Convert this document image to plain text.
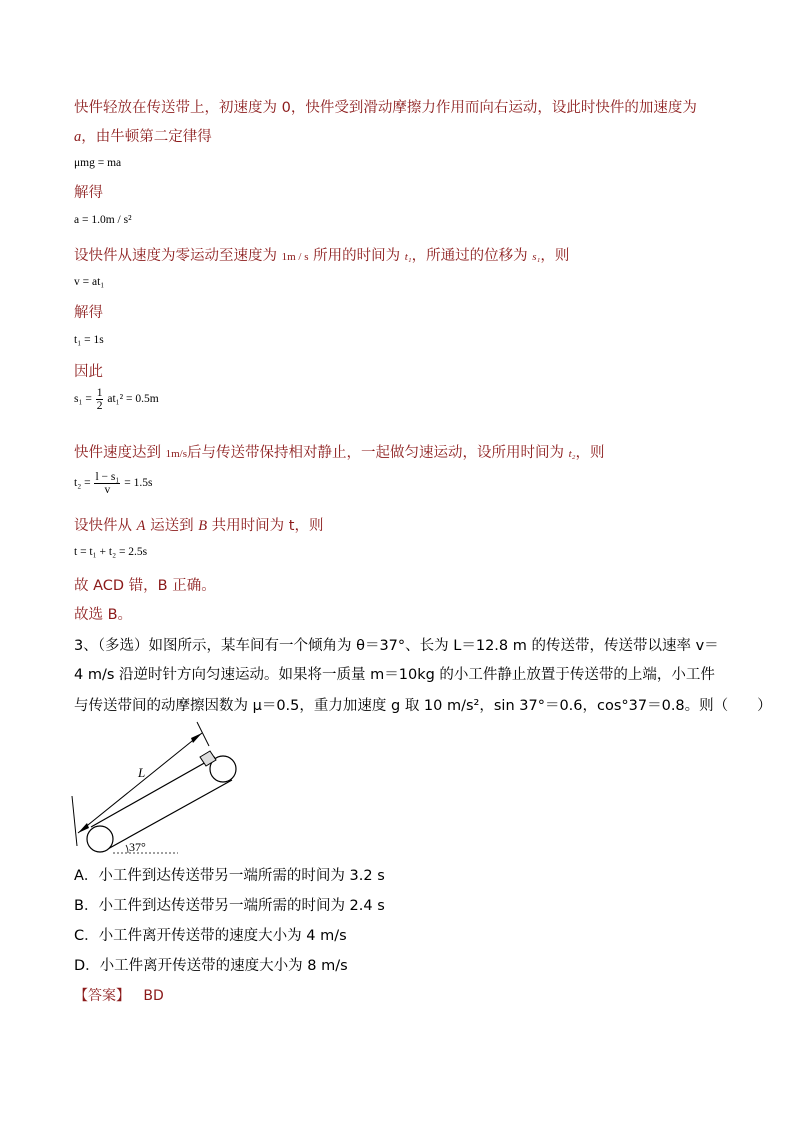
快件轻放在传送带上，初速度为 0，快件受到滑动摩擦力作用而向右运动，设此时快件的加速度为
a，由牛顿第二定律得
μmg = ma
解得
a = 1.0m / s²
设快件从速度为零运动至速度为 1m / s 所用的时间为 t₁，所通过的位移为 s₁，则
v = at₁
解得
t₁ = 1s
因此
$s_1 = \frac{1}{2} at_1^2 = 0.5m$
快件速度达到 1m/s后与传送带保持相对静止，一起做匀速运动，设所用时间为 t₂，则
$t_2 = \frac{\text{l − s₁}}{v} = 1.5s$
设快件从 A 运送到 B 共用时间为 t，则
t = t₁ + t₂ = 2.5s
故 ACD 错，B 正确。
故选 B。
3、（多选）如图所示，某车间有一个倾角为 θ＝37°、长为 L＝12.8 m 的传送带，传送带以速率 v＝
4 m/s 沿逆时针方向匀速运动。如果将一质量 m＝10kg 的小工件静止放置于传送带的上端，小工件
与传送带间的动摩擦因数为 μ＝0.5，重力加速度 g 取 10 m/s²，sin 37°＝0.6，cos°37＝0.8。则（　　）
L
37°
A．小工件到达传送带另一端所需的时间为 3.2 s
B．小工件到达传送带另一端所需的时间为 2.4 s
C．小工件离开传送带的速度大小为 4 m/s
D．小工件离开传送带的速度大小为 8 m/s
【答案】 BD
